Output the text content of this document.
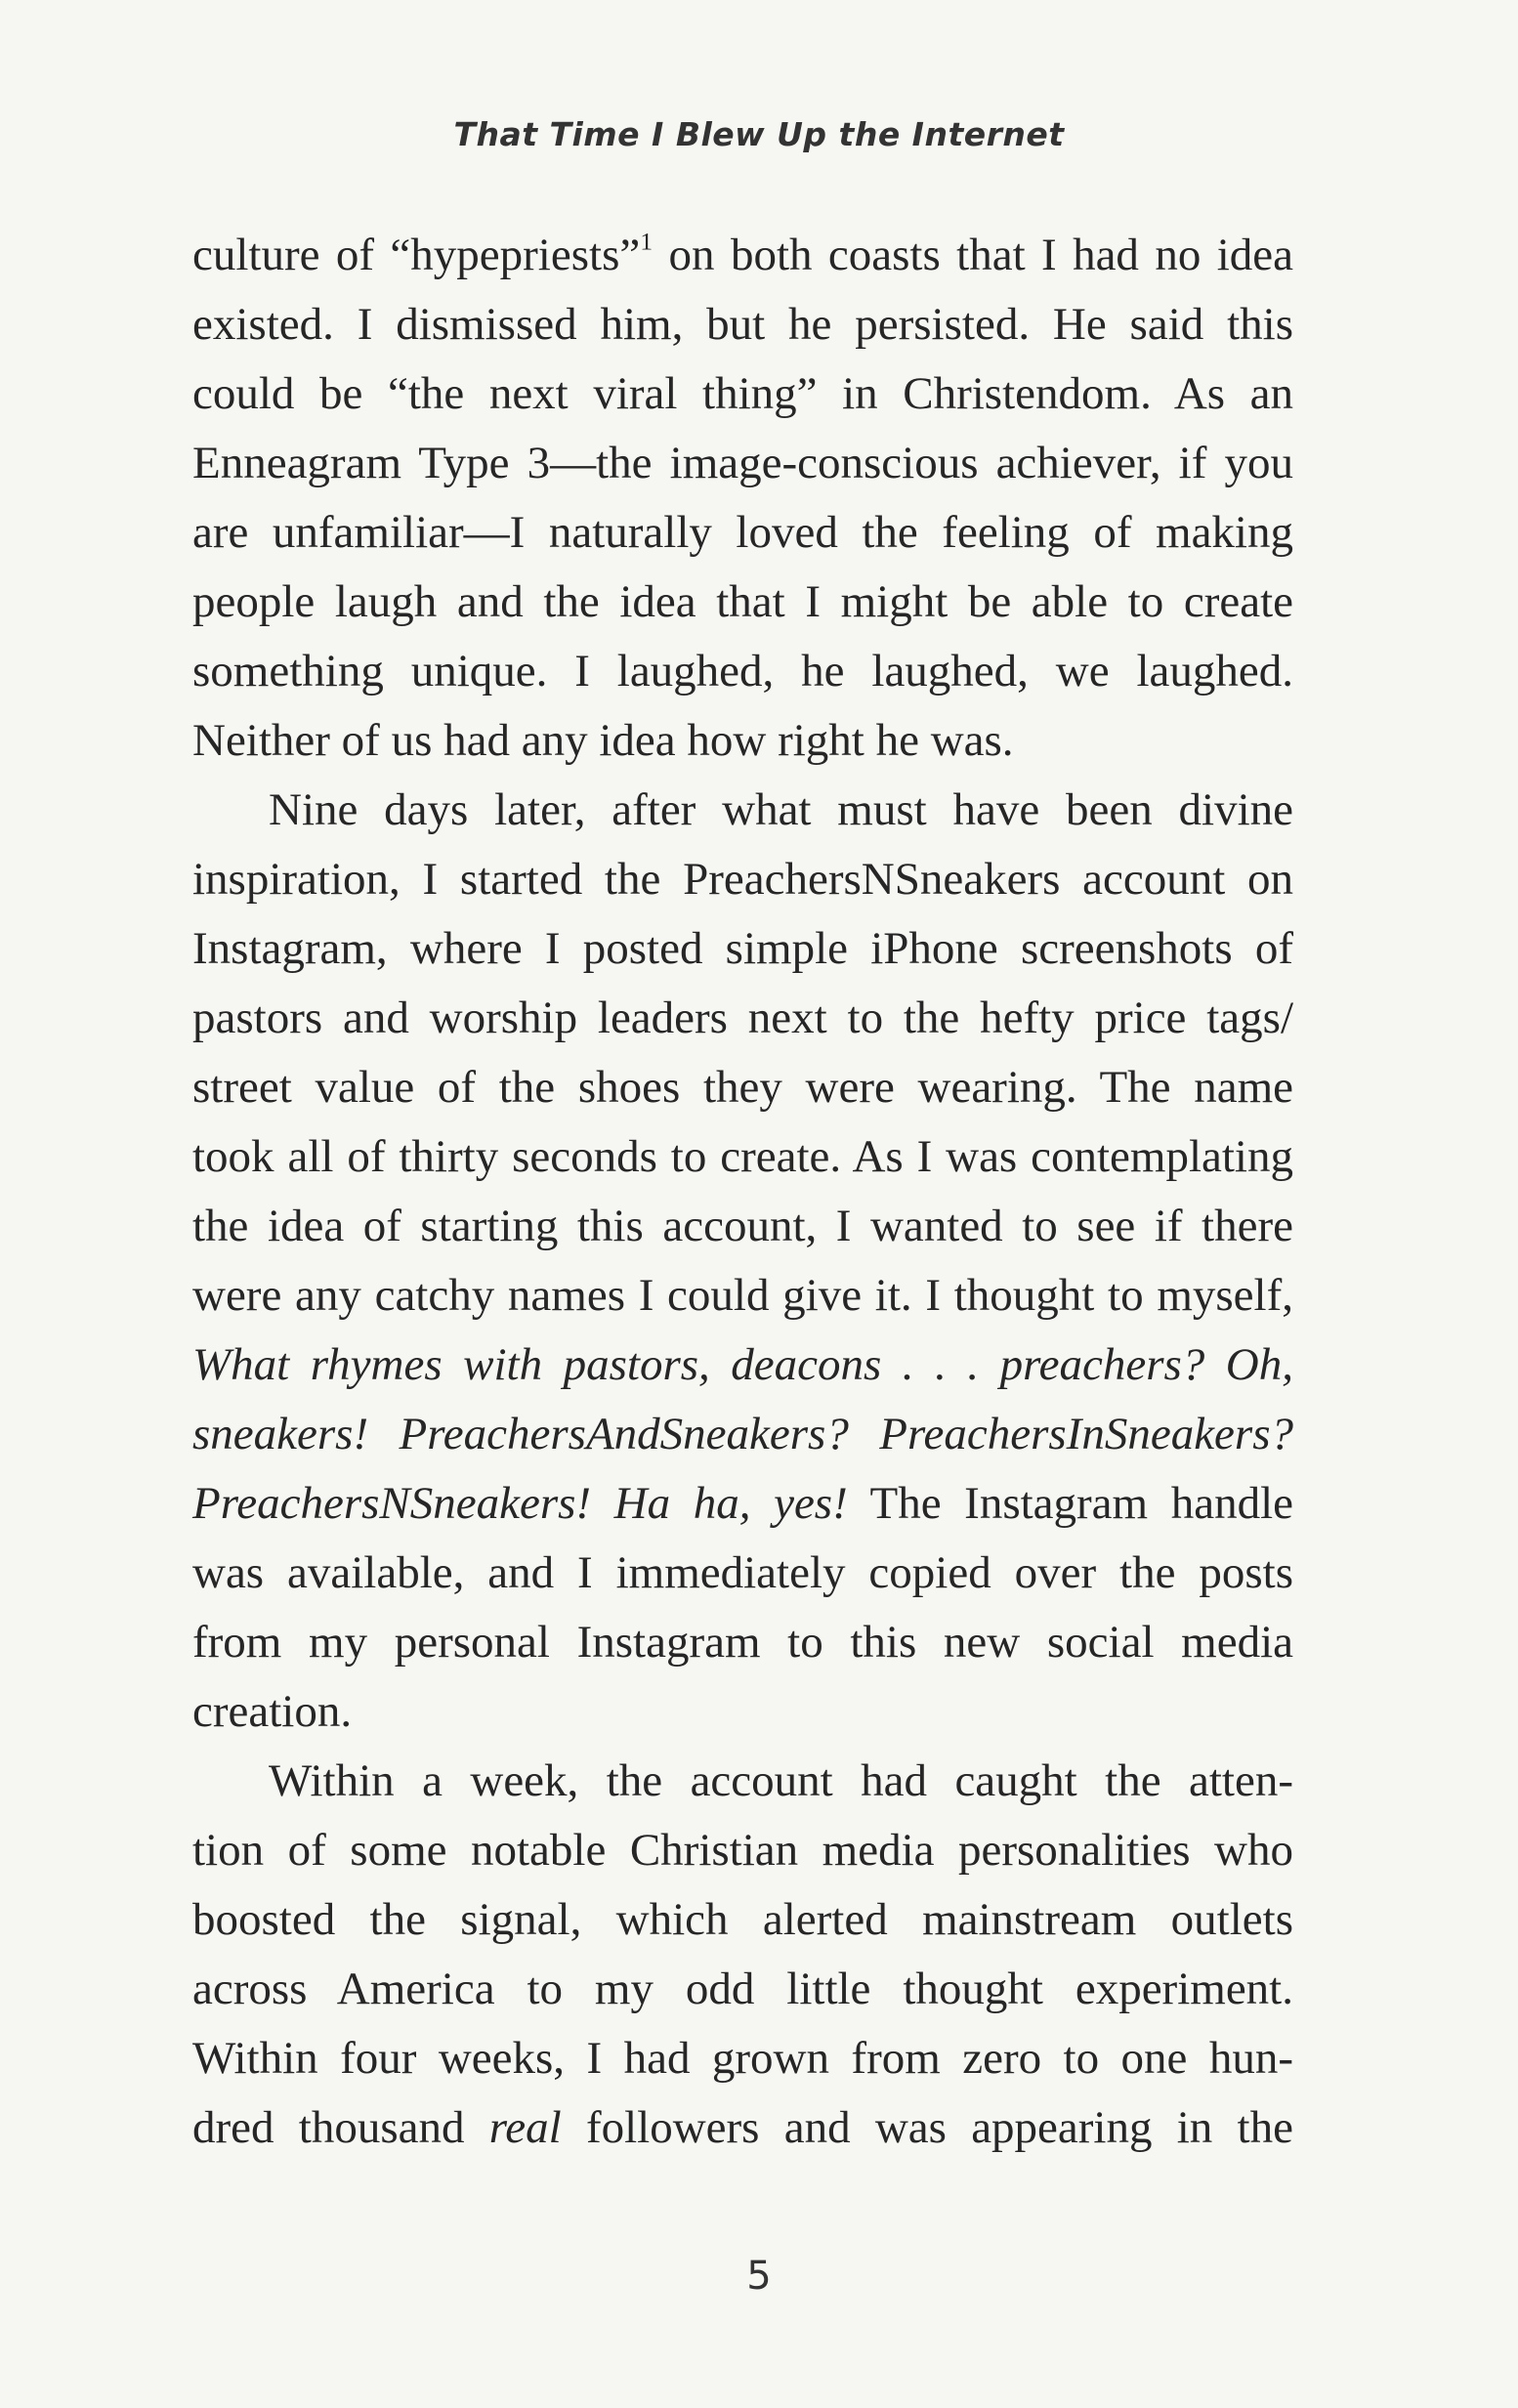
That Time I Blew Up the Internet
culture of “hypepriests”$^1$ on both coasts that I had no idea
existed. I dismissed him, but he persisted. He said this
could be “the next viral thing” in Christendom. As an
Enneagram Type 3—the image-conscious achiever, if you
are unfamiliar—I naturally loved the feeling of making
people laugh and the idea that I might be able to create
something unique. I laughed, he laughed, we laughed.
Neither of us had any idea how right he was.
Nine days later, after what must have been divine
inspiration, I started the PreachersNSneakers account on
Instagram, where I posted simple iPhone screenshots of
pastors and worship leaders next to the hefty price tags/
street value of the shoes they were wearing. The name
took all of thirty seconds to create. As I was contemplating
the idea of starting this account, I wanted to see if there
were any catchy names I could give it. I thought to myself,
What rhymes with pastors, deacons . . . preachers? Oh,
sneakers! PreachersAndSneakers? PreachersInSneakers?
PreachersNSneakers! Ha ha, yes! The Instagram handle
was available, and I immediately copied over the posts
from my personal Instagram to this new social media
creation.
Within a week, the account had caught the atten-
tion of some notable Christian media personalities who
boosted the signal, which alerted mainstream outlets
across America to my odd little thought experiment.
Within four weeks, I had grown from zero to one hun-
dred thousand real followers and was appearing in the
5
